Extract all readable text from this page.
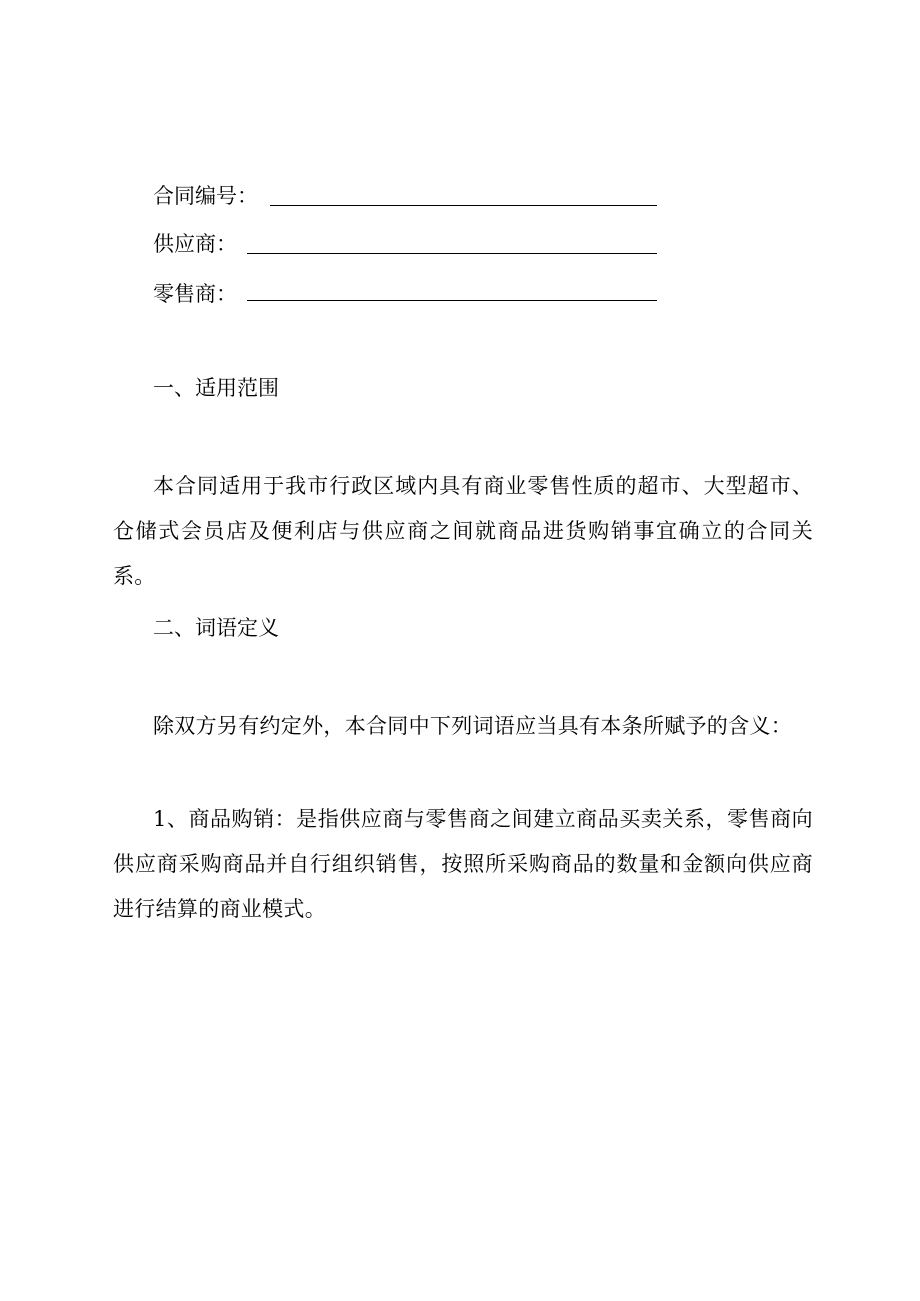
合同编号：
供应商：
零售商：
一、适用范围
本合同适用于我市行政区域内具有商业零售性质的超市、大型超市、仓储式会员店及便利店与供应商之间就商品进货购销事宜确立的合同关系。
二、词语定义
除双方另有约定外，本合同中下列词语应当具有本条所赋予的含义：
1、商品购销：是指供应商与零售商之间建立商品买卖关系，零售商向供应商采购商品并自行组织销售，按照所采购商品的数量和金额向供应商进行结算的商业模式。
